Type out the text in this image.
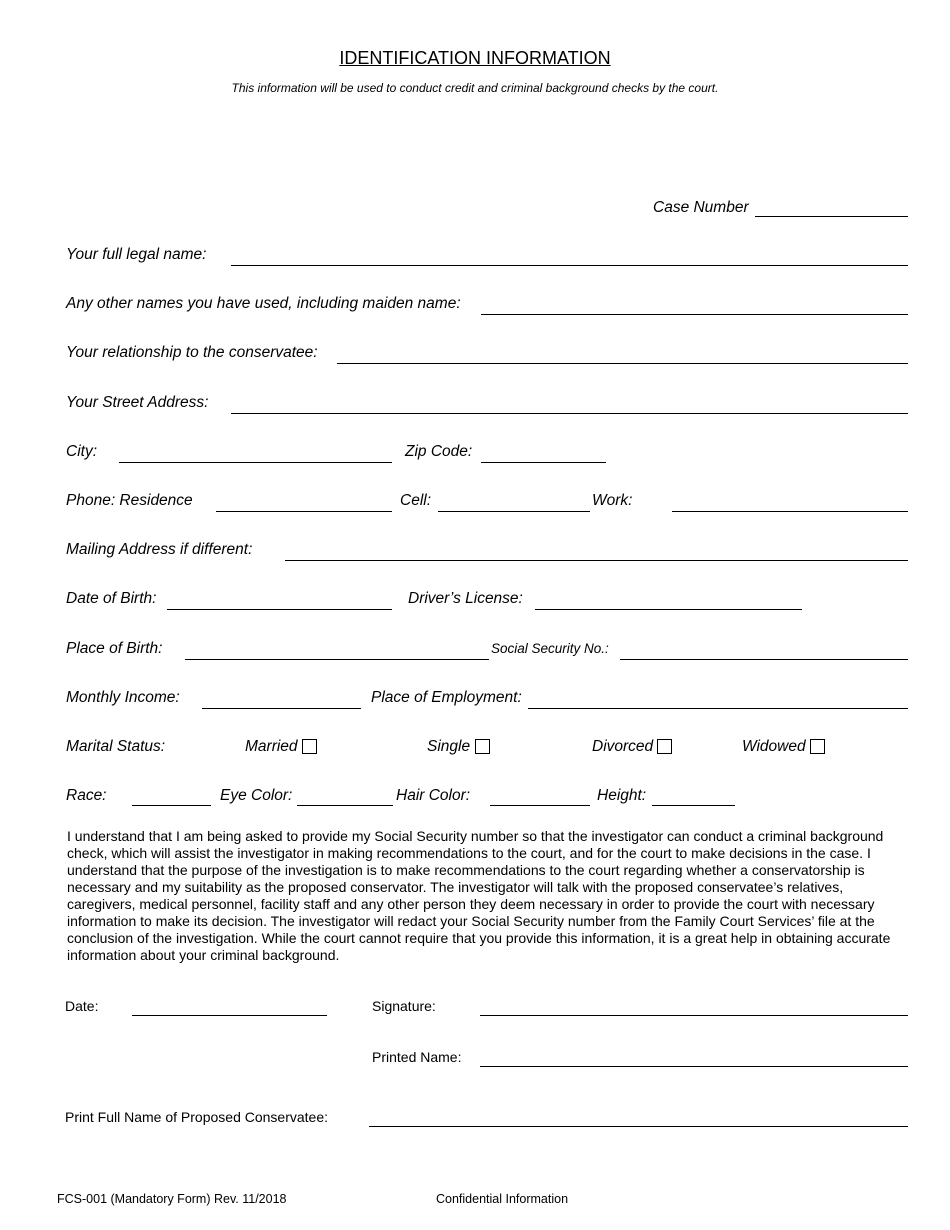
IDENTIFICATION INFORMATION
This information will be used to conduct credit and criminal background checks by the court.
Case Number
Your full legal name:
Any other names you have used, including maiden name:
Your relationship to the conservatee:
Your Street Address:
City:	Zip Code:
Phone: Residence	Cell:	Work:
Mailing Address if different:
Date of Birth:	Driver’s License:
Place of Birth:	Social Security No.:
Monthly Income:	Place of Employment:
Marital Status:	Married	Single	Divorced	Widowed
Race:	Eye Color:	Hair Color:	Height:
I understand that I am being asked to provide my Social Security number so that the investigator can conduct a criminal background check, which will assist the investigator in making recommendations to the court, and for the court to make decisions in the case. I understand that the purpose of the investigation is to make recommendations to the court regarding whether a conservatorship is necessary and my suitability as the proposed conservator. The investigator will talk with the proposed conservatee’s relatives, caregivers, medical personnel, facility staff and any other person they deem necessary in order to provide the court with necessary information to make its decision. The investigator will redact your Social Security number from the Family Court Services’ file at the conclusion of the investigation. While the court cannot require that you provide this information, it is a great help in obtaining accurate information about your criminal background.
Date:	Signature:
Printed Name:
Print Full Name of Proposed Conservatee:
FCS-001 (Mandatory Form) Rev. 11/2018	Confidential Information
